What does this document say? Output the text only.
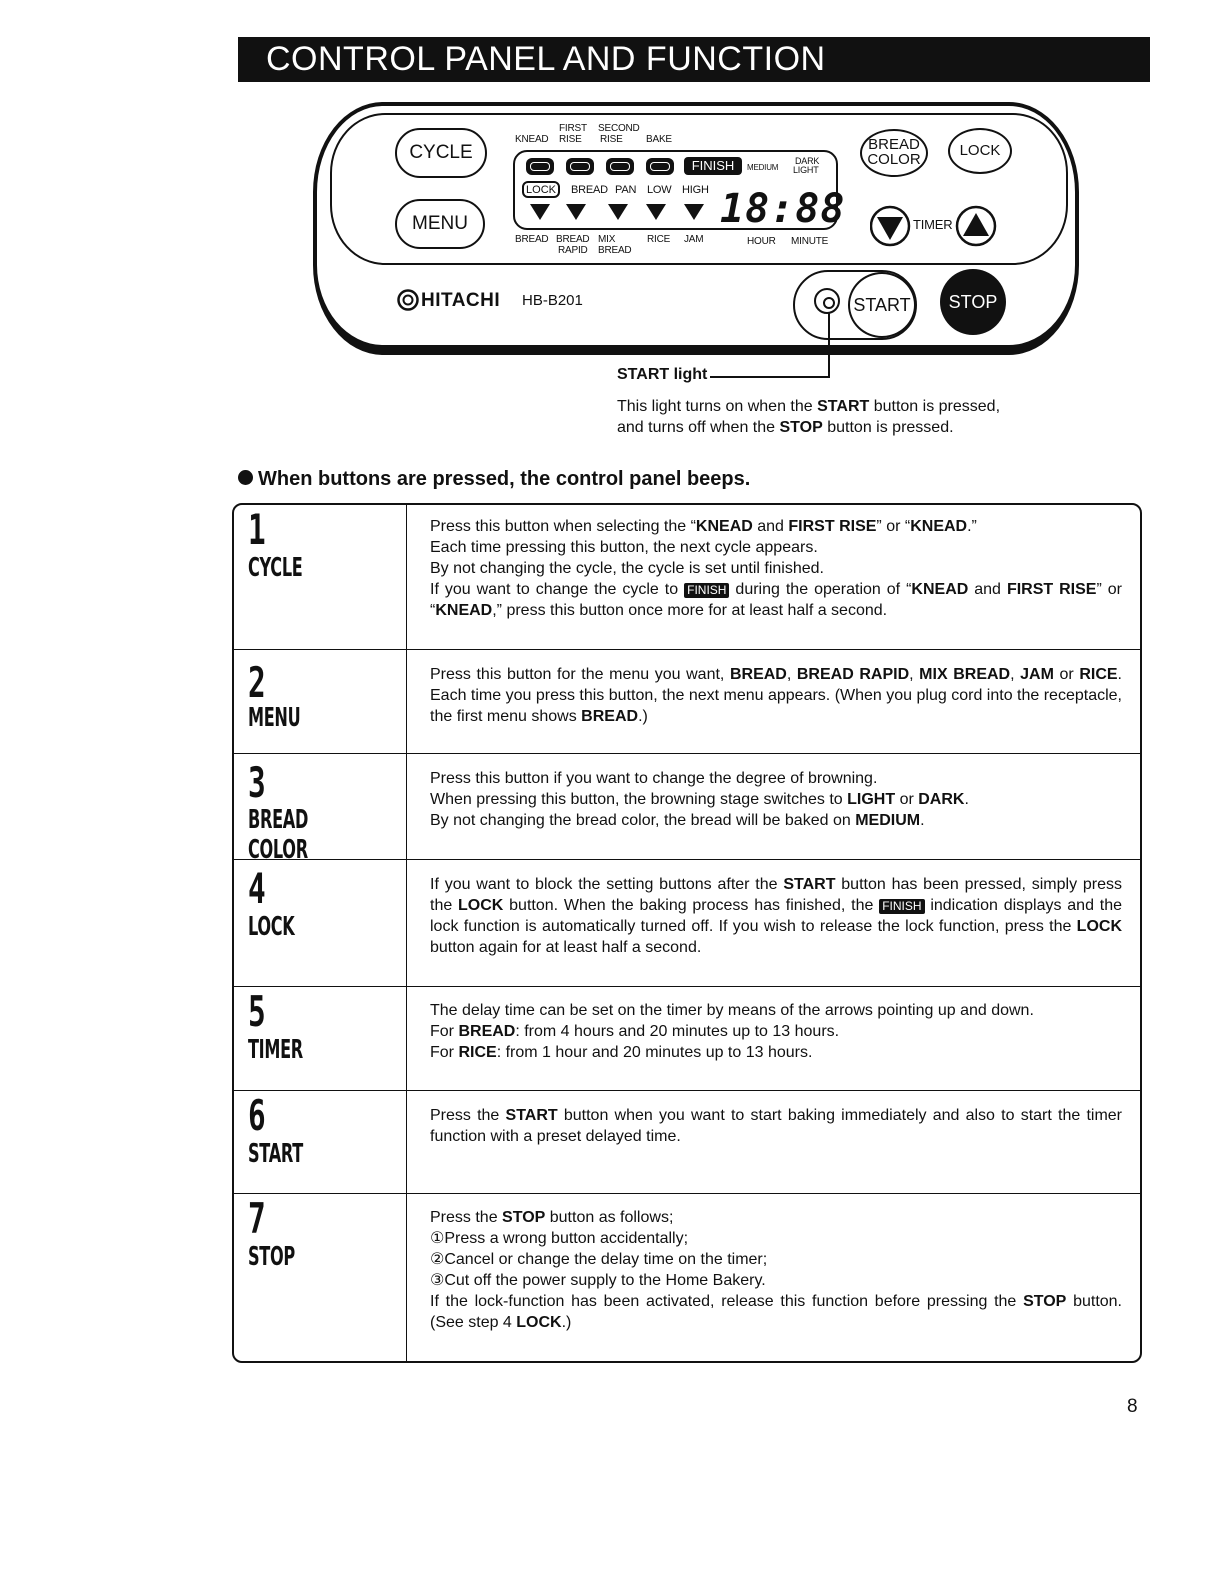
CONTROL PANEL AND FUNCTION
CYCLE
MENU
FIRST SECOND
KNEAD RISE RISE BAKE
FINISH	MEDIUM
DARK
LIGHT
LOCK	BREAD PAN LOW HIGH 18:88
BREAD BREAD
RAPID
MIX
BREAD
RICE JAM	HOUR MINUTE
BREAD
COLOR
LOCK
TIMER
HITACHI HB-B201	START	STOP
START light
This light turns on when the START button is pressed,
and turns off when the STOP button is pressed.
When buttons are pressed, the control panel beeps.
1
CYCLE
Press this button when selecting the “KNEAD and FIRST RISE” or “KNEAD.”
Each time pressing this button, the next cycle appears.
By not changing the cycle, the cycle is set until finished.
If you want to change the cycle to FINISH during the operation of “KNEAD and FIRST RISE” or “KNEAD,” press this button once more for at least half a second.
2
MENU
Press this button for the menu you want, BREAD, BREAD RAPID, MIX BREAD, JAM or RICE. Each time you press this button, the next menu appears. (When you plug cord into the receptacle, the first menu shows BREAD.)
3
BREAD COLOR
Press this button if you want to change the degree of browning.
When pressing this button, the browning stage switches to LIGHT or DARK.
By not changing the bread color, the bread will be baked on MEDIUM.
4
LOCK
If you want to block the setting buttons after the START button has been pressed, simply press the LOCK button. When the baking process has finished, the FINISH indication displays and the lock function is automatically turned off. If you wish to release the lock function, press the LOCK button again for at least half a second.
5
TIMER
The delay time can be set on the timer by means of the arrows pointing up and down.
For BREAD: from 4 hours and 20 minutes up to 13 hours.
For RICE: from 1 hour and 20 minutes up to 13 hours.
6
START
Press the START button when you want to start baking immediately and also to start the timer function with a preset delayed time.
7
STOP
Press the STOP button as follows;
①Press a wrong button accidentally;
②Cancel or change the delay time on the timer;
③Cut off the power supply to the Home Bakery.
If the lock-function has been activated, release this function before pressing the STOP button. (See step 4 LOCK.)
8
